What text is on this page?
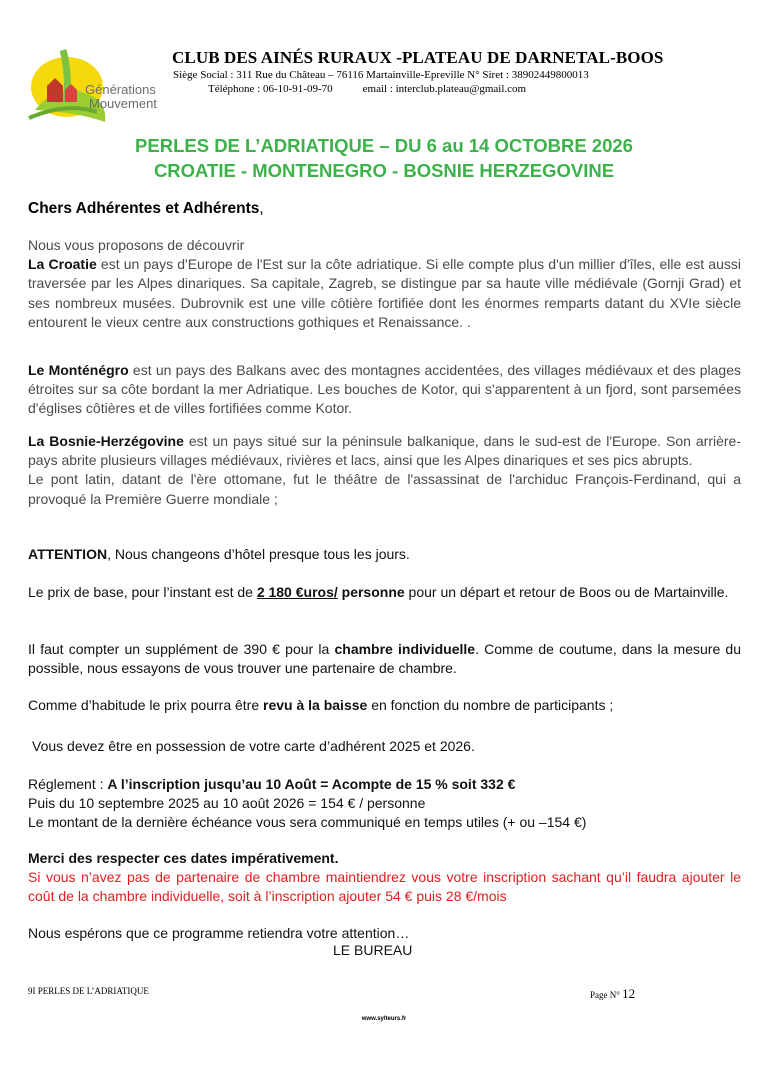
Générations
Mouvement
CLUB DES AINÉS RURAUX -PLATEAU DE DARNETAL-BOOS
Siège Social : 311 Rue du Château – 76116 Martainville-Epreville N° Siret : 38902449800013
Téléphone : 06-10-91-09-70	email : interclub.plateau@gmail.com
PERLES DE L’ADRIATIQUE – DU 6 au 14 OCTOBRE 2026
CROATIE - MONTENEGRO - BOSNIE HERZEGOVINE
Chers Adhérentes et Adhérents,
Nous vous proposons de découvrir
La Croatie est un pays d'Europe de l'Est sur la côte adriatique. Si elle compte plus d'un millier d'îles, elle est aussi traversée par les Alpes dinariques. Sa capitale, Zagreb, se distingue par sa haute ville médiévale (Gornji Grad) et ses nombreux musées. Dubrovnik est une ville côtière fortifiée dont les énormes remparts datant du XVIe siècle entourent le vieux centre aux constructions gothiques et Renaissance. .
Le Monténégro est un pays des Balkans avec des montagnes accidentées, des villages médiévaux et des plages étroites sur sa côte bordant la mer Adriatique. Les bouches de Kotor, qui s'apparentent à un fjord, sont parsemées d'églises côtières et de villes fortifiées comme Kotor.
La Bosnie-Herzégovine est un pays situé sur la péninsule balkanique, dans le sud-est de l'Europe. Son arrière-pays abrite plusieurs villages médiévaux, rivières et lacs, ainsi que les Alpes dinariques et ses pics abrupts.
Le pont latin, datant de l'ère ottomane, fut le théâtre de l'assassinat de l'archiduc François-Ferdinand, qui a provoqué la Première Guerre mondiale ;
ATTENTION, Nous changeons d’hôtel presque tous les jours.
Le prix de base, pour l’instant est de 2 180 €uros/ personne pour un départ et retour de Boos ou de Martainville.
Il faut compter un supplément de 390 € pour la chambre individuelle. Comme de coutume, dans la mesure du possible, nous essayons de vous trouver une partenaire de chambre.
Comme d’habitude le prix pourra être revu à la baisse en fonction du nombre de participants ;
Vous devez être en possession de votre carte d’adhérent 2025 et 2026.
Réglement : A l’inscription jusqu’au 10 Août = Acompte de 15 % soit 332 €
Puis du 10 septembre 2025 au 10 août 2026 = 154 € / personne
Le montant de la dernière échéance vous sera communiqué en temps utiles (+ ou –154 €)
Merci des respecter ces dates impérativement.
Si vous n’avez pas de partenaire de chambre maintiendrez vous votre inscription sachant qu’il faudra ajouter le coût de la chambre individuelle, soit à l’inscription ajouter 54 € puis 28 €/mois
Nous espérons que ce programme retiendra votre attention…
LE BUREAU
9I PERLES DE L’ADRIATIQUE	Page N° 12
www.sylteurs.fr
